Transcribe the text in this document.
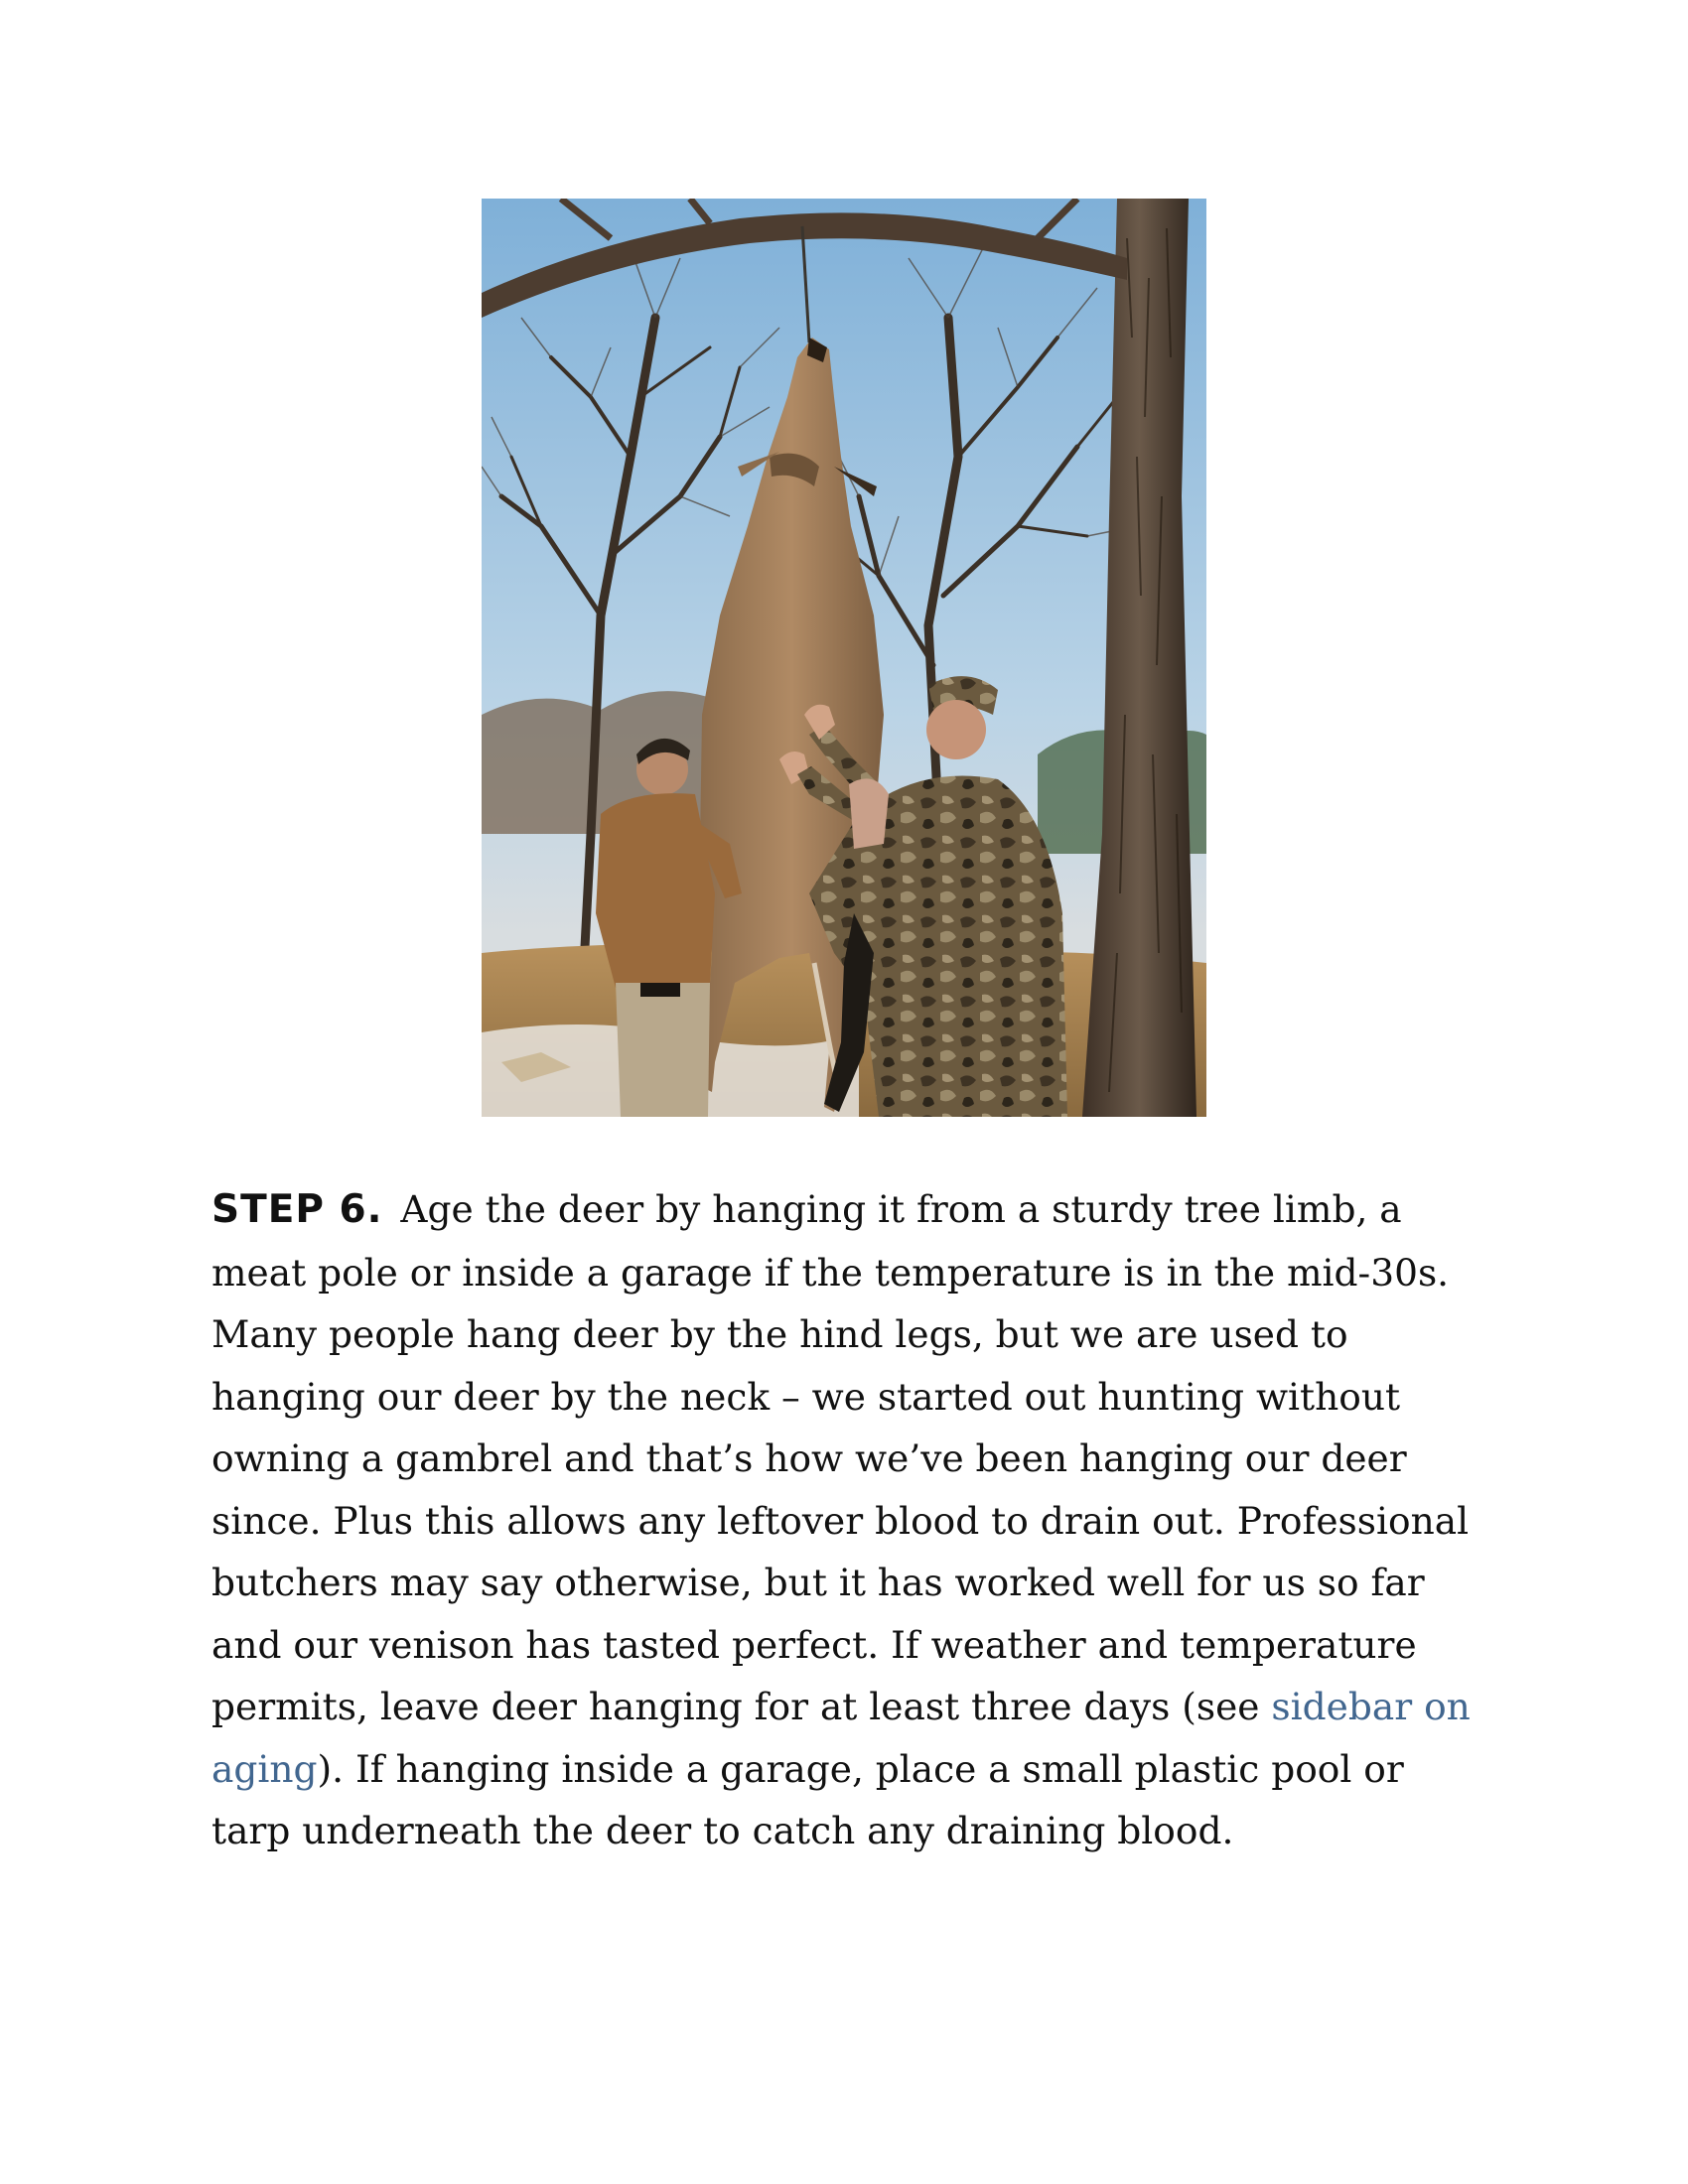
STEP 6. Age the deer by hanging it from a sturdy tree limb, a meat pole or inside a garage if the temperature is in the mid-30s. Many people hang deer by the hind legs, but we are used to hanging our deer by the neck – we started out hunting without owning a gambrel and that’s how we’ve been hanging our deer since. Plus this allows any leftover blood to drain out. Professional butchers may say otherwise, but it has worked well for us so far and our venison has tasted perfect. If weather and temperature permits, leave deer hanging for at least three days (see sidebar on aging). If hanging inside a garage, place a small plastic pool or tarp underneath the deer to catch any draining blood.
